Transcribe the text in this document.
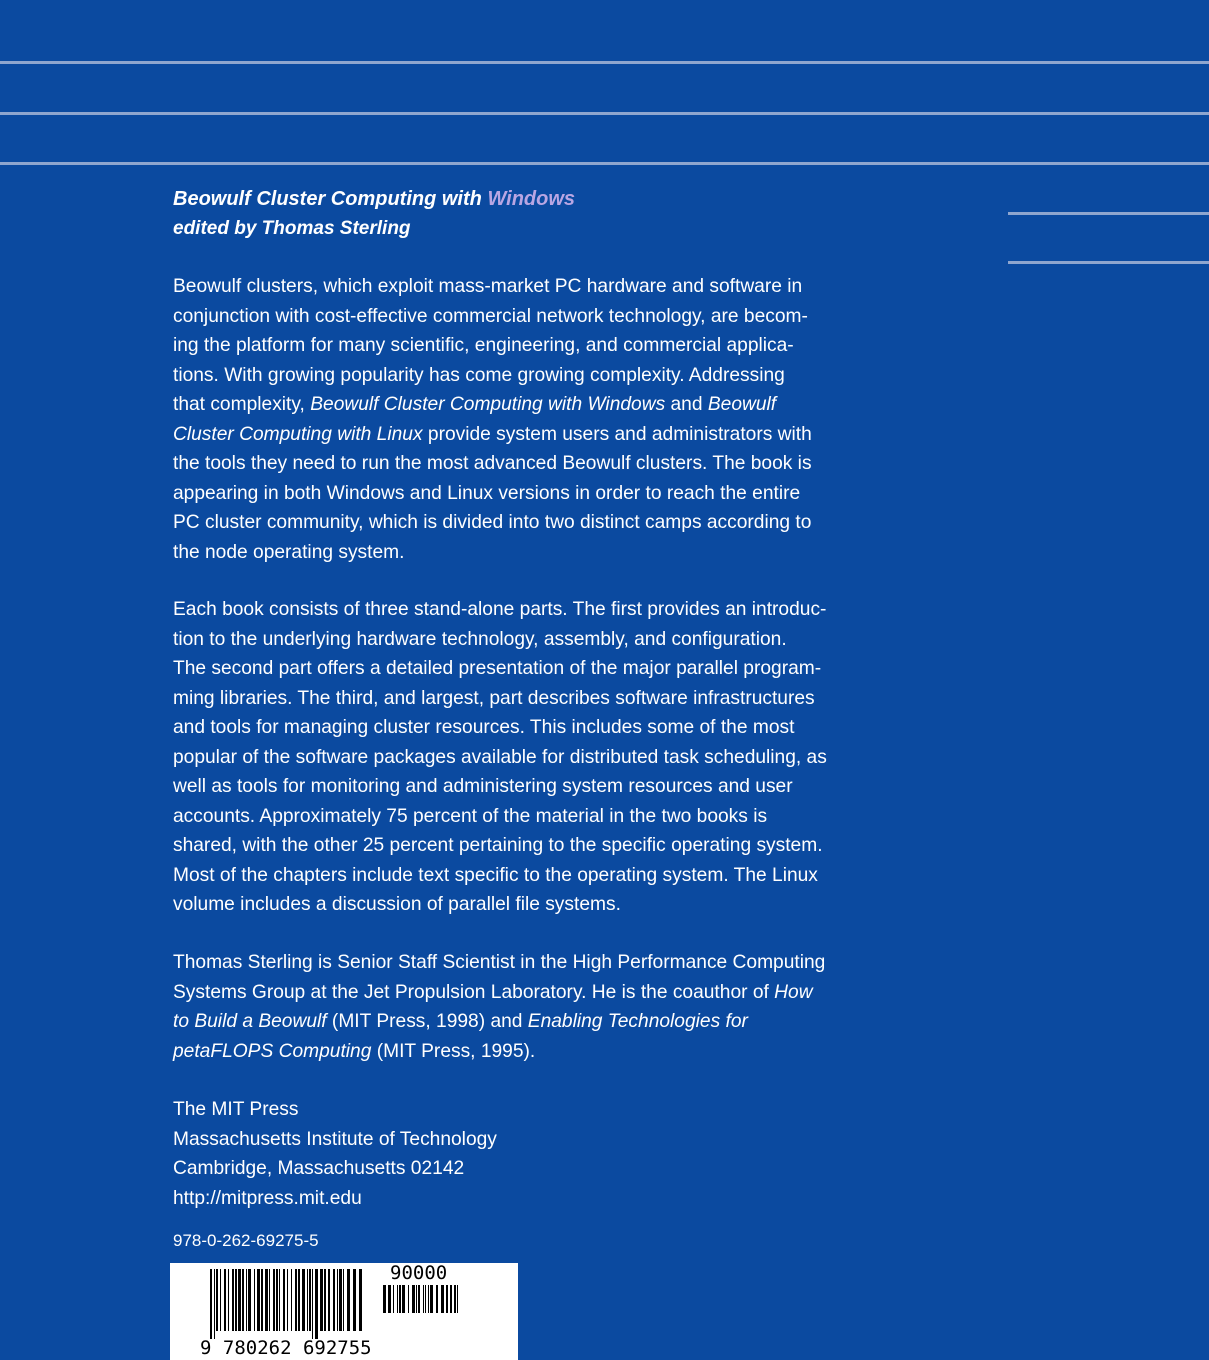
Beowulf Cluster Computing with Windows
edited by Thomas Sterling

Beowulf clusters, which exploit mass-market PC hardware and software in
conjunction with cost-effective commercial network technology, are becom-
ing the platform for many scientific, engineering, and commercial applica-
tions. With growing popularity has come growing complexity. Addressing
that complexity, Beowulf Cluster Computing with Windows and Beowulf
Cluster Computing with Linux provide system users and administrators with
the tools they need to run the most advanced Beowulf clusters. The book is
appearing in both Windows and Linux versions in order to reach the entire
PC cluster community, which is divided into two distinct camps according to
the node operating system.

Each book consists of three stand-alone parts. The first provides an introduc-
tion to the underlying hardware technology, assembly, and configuration.
The second part offers a detailed presentation of the major parallel program-
ming libraries. The third, and largest, part describes software infrastructures
and tools for managing cluster resources. This includes some of the most
popular of the software packages available for distributed task scheduling, as
well as tools for monitoring and administering system resources and user
accounts. Approximately 75 percent of the material in the two books is
shared, with the other 25 percent pertaining to the specific operating system.
Most of the chapters include text specific to the operating system. The Linux
volume includes a discussion of parallel file systems.

Thomas Sterling is Senior Staff Scientist in the High Performance Computing
Systems Group at the Jet Propulsion Laboratory. He is the coauthor of How
to Build a Beowulf (MIT Press, 1998) and Enabling Technologies for
petaFLOPS Computing (MIT Press, 1995).

The MIT Press
Massachusetts Institute of Technology
Cambridge, Massachusetts 02142
http://mitpress.mit.edu

978-0-262-69275-5
9 780262 692755
90000
